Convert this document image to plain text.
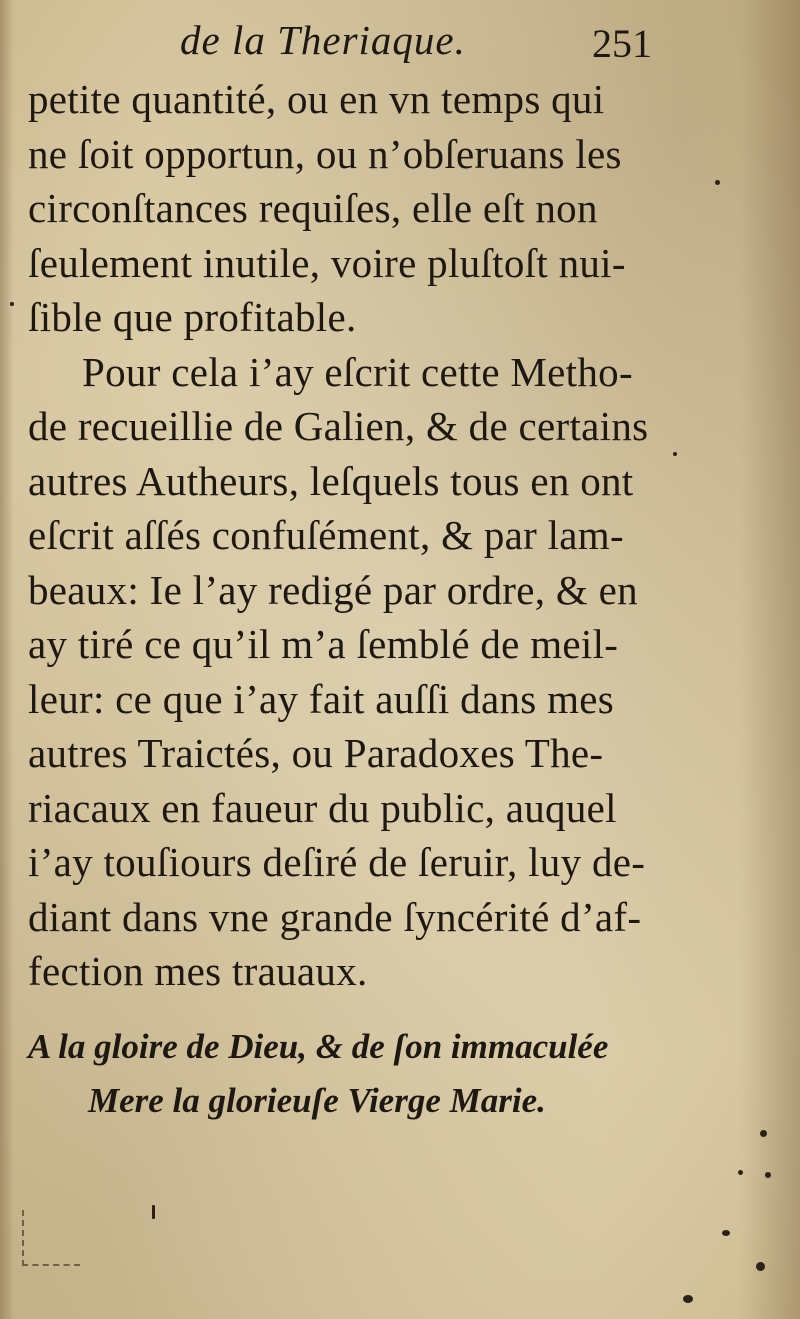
de la Theriaque.	251
petite quantité, ou en vn temps qui
ne ſoit opportun, ou n’obſeruans les
circonſtances requiſes, elle eſt non
ſeulement inutile, voire pluſtoſt nui-
ſible que profitable.
Pour cela i’ay eſcrit cette Metho-
de recueillie de Galien, & de certains
autres Autheurs, leſquels tous en ont
eſcrit aſſés confuſément, & par lam-
beaux: Ie l’ay redigé par ordre, & en
ay tiré ce qu’il m’a ſemblé de meil-
leur: ce que i’ay fait auſſi dans mes
autres Traictés, ou Paradoxes The-
riacaux en faueur du public, auquel
i’ay touſiours deſiré de ſeruir, luy de-
diant dans vne grande ſyncérité d’af-
fection mes trauaux.
A la gloire de Dieu, & de ſon immaculée
Mere la glorieuſe Vierge Marie.
